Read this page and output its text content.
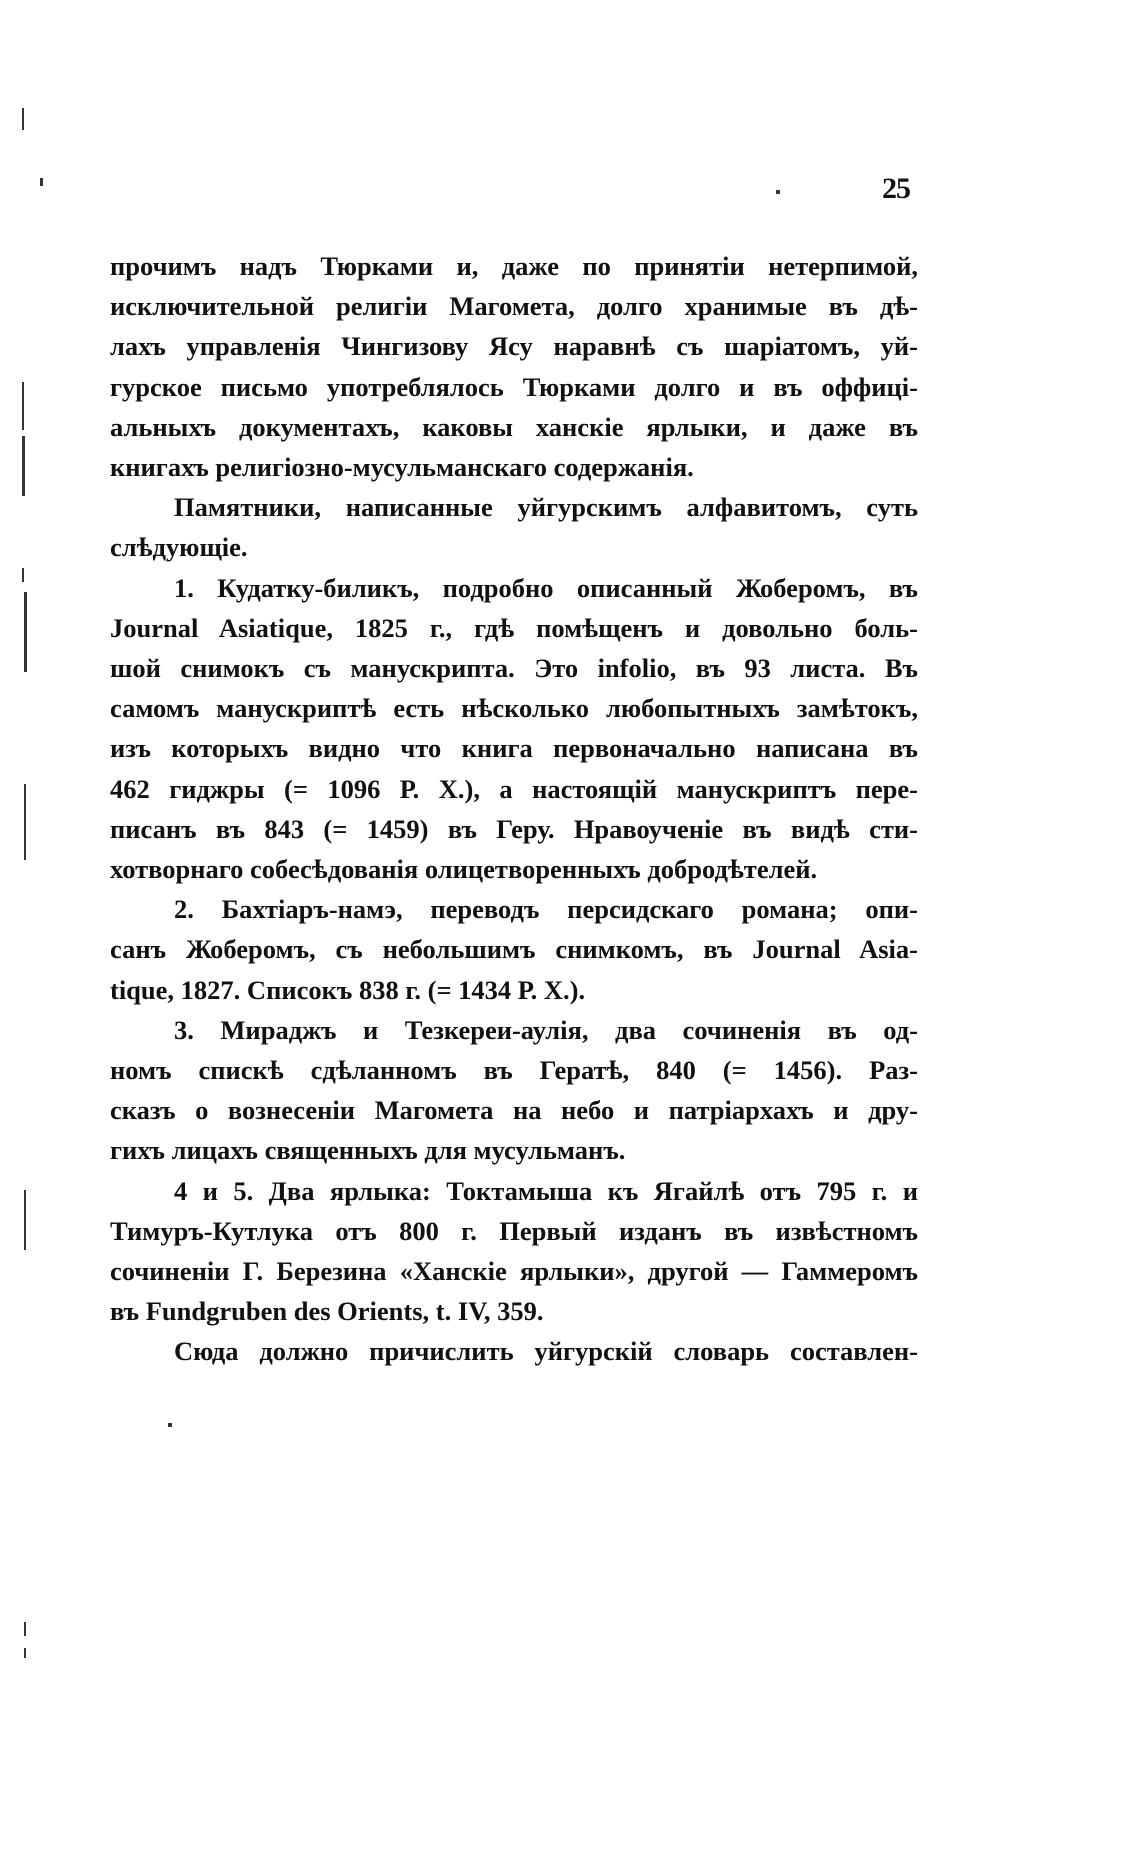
25
прочимъ надъ Тюрками и, даже по принятіи нетерпимой,
исключительной религіи Магомета, долго хранимые въ дѣ-
лахъ управленія Чингизову Ясу наравнѣ съ шаріатомъ, уй-
гурское письмо употреблялось Тюрками долго и въ оффиці-
альныхъ документахъ, каковы ханскіе ярлыки, и даже въ
книгахъ религіозно-мусульманскаго содержанія.
Памятники, написанные уйгурскимъ алфавитомъ, суть
слѣдующіе.
1. Кудатку-биликъ, подробно описанный Жоберомъ, въ
Journal Asiatique, 1825 г., гдѣ помѣщенъ и довольно боль-
шой снимокъ съ манускрипта. Это infolio, въ 93 листа. Въ
самомъ манускриптѣ есть нѣсколько любопытныхъ замѣтокъ,
изъ которыхъ видно что книга первоначально написана въ
462 гиджры (= 1096 Р. Х.), а настоящій манускриптъ пере-
писанъ въ 843 (= 1459) въ Геру. Нравоученіе въ видѣ сти-
хотворнаго собесѣдованія олицетворенныхъ добродѣтелей.
2. Бахтіаръ-намэ, переводъ персидскаго романа; опи-
санъ Жоберомъ, съ небольшимъ снимкомъ, въ Journal Asia-
tique, 1827. Списокъ 838 г. (= 1434 Р. Х.).
3. Мираджъ и Тезкереи-аулія, два сочиненія въ од-
номъ спискѣ сдѣланномъ въ Гератѣ, 840 (= 1456). Раз-
сказъ о вознесеніи Магомета на небо и патріархахъ и дру-
гихъ лицахъ священныхъ для мусульманъ.
4 и 5. Два ярлыка: Токтамыша къ Ягайлѣ отъ 795 г. и
Тимуръ-Кутлука отъ 800 г. Первый изданъ въ извѣстномъ
сочиненіи Г. Березина «Ханскіе ярлыки», другой — Гаммеромъ
въ Fundgruben des Orients, t. IV, 359.
Сюда должно причислить уйгурскій словарь составлен-
